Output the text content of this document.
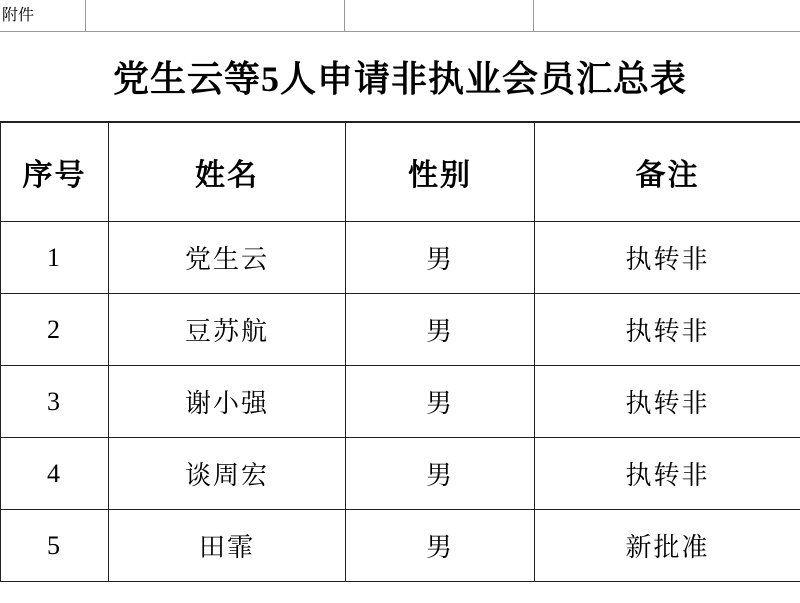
附件
党生云等5人申请非执业会员汇总表
序号	姓名	性别	备注
1	党生云	男	执转非
2	豆苏航	男	执转非
3	谢小强	男	执转非
4	谈周宏	男	执转非
5	田霏	男	新批准
